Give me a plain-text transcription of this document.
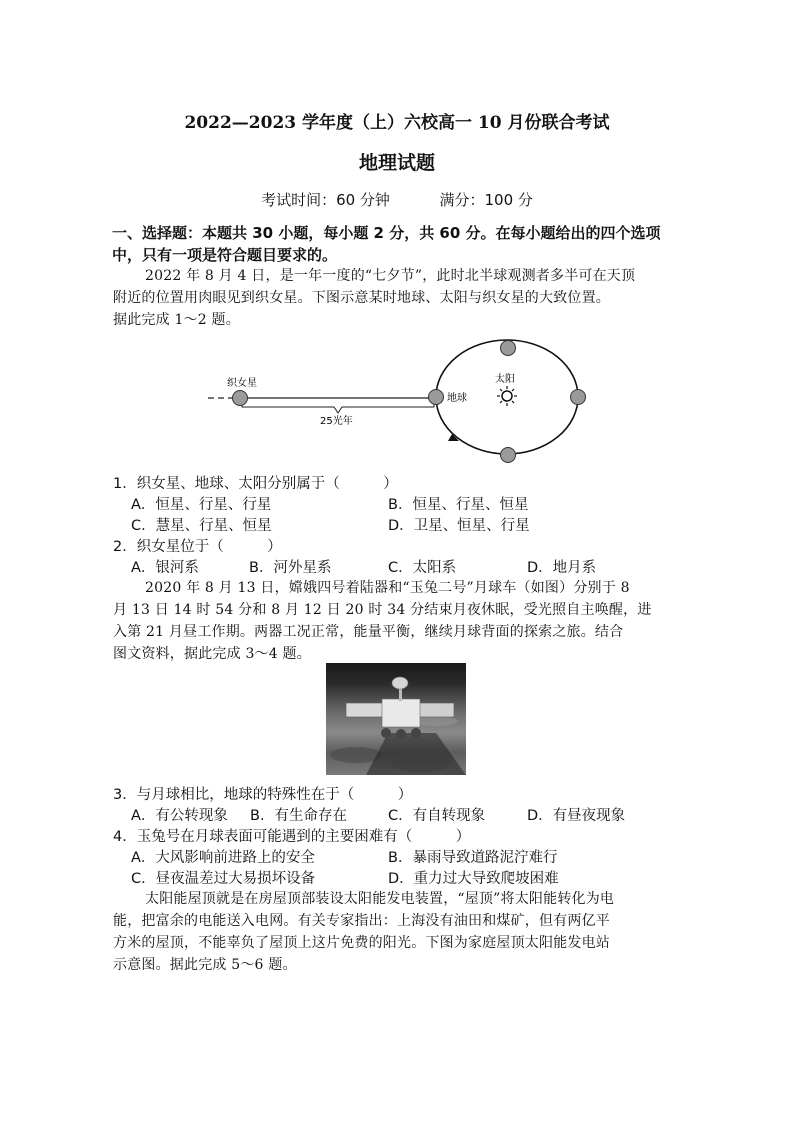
2022—2023 学年度（上）六校高一 10 月份联合考试
地理试题
考试时间：60 分钟	满分：100 分
一、选择题：本题共 30 小题，每小题 2 分，共 60 分。在每小题给出的四个选项
中，只有一项是符合题目要求的。
2022 年 8 月 4 日，是一年一度的“七夕节”，此时北半球观测者多半可在天顶
附近的位置用肉眼见到织女星。下图示意某时地球、太阳与织女星的大致位置。
据此完成 1～2 题。
25光年
织女星
地球
太阳
1．织女星、地球、太阳分别属于（　　　）
A．恒星、行星、行星	B．恒星、行星、恒星
C．慧星、行星、恒星	D．卫星、恒星、行星
2．织女星位于（　　　）
A．银河系	B．河外星系	C．太阳系	D．地月系
2020 年 8 月 13 日，嫦娥四号着陆器和“玉兔二号”月球车（如图）分别于 8
月 13 日 14 时 54 分和 8 月 12 日 20 时 34 分结束月夜休眠，受光照自主唤醒，进
入第 21 月昼工作期。两器工况正常，能量平衡，继续月球背面的探索之旅。结合
图文资料，据此完成 3～4 题。
3．与月球相比，地球的特殊性在于（　　　）
A．有公转现象 B．有生命存在	C．有自转现象	D．有昼夜现象
4．玉兔号在月球表面可能遇到的主要困难有（　　　）
A．大风影响前进路上的安全	B．暴雨导致道路泥泞难行
C．昼夜温差过大易损坏设备	D．重力过大导致爬坡困难
太阳能屋顶就是在房屋顶部装设太阳能发电装置，“屋顶”将太阳能转化为电
能，把富余的电能送入电网。有关专家指出：上海没有油田和煤矿，但有两亿平
方米的屋顶，不能辜负了屋顶上这片免费的阳光。下图为家庭屋顶太阳能发电站
示意图。据此完成 5～6 题。
